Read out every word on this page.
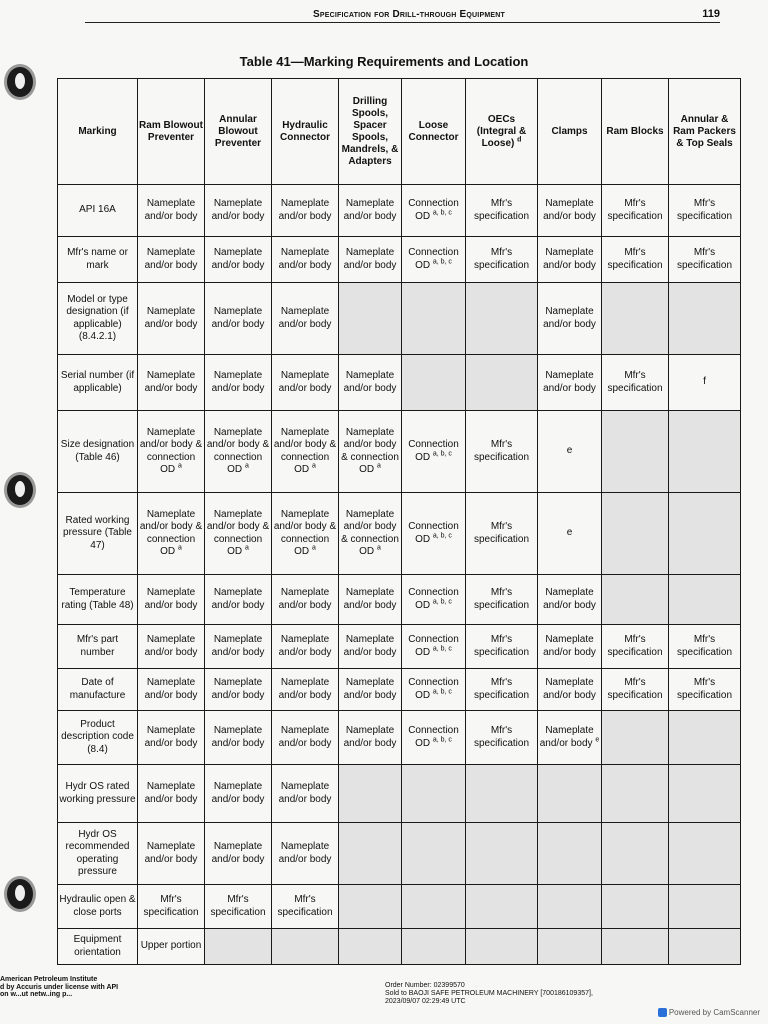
Specification for Drill-through Equipment	119
Table 41—Marking Requirements and Location
Marking	Ram Blowout Preventer	Annular Blowout Preventer	Hydraulic Connector	Drilling Spools, Spacer Spools, Mandrels, & Adapters	Loose Connector	OECs (Integral & Loose) $^d$	Clamps	Ram Blocks	Annular & Ram Packers & Top Seals
API 16A	Nameplate and/or body	Nameplate and/or body	Nameplate and/or body	Nameplate and/or body	Connection OD $^{a, b, c}$	Mfr's specification	Nameplate and/or body	Mfr's specification	Mfr's specification
Mfr's name or mark	Nameplate and/or body	Nameplate and/or body	Nameplate and/or body	Nameplate and/or body	Connection OD $^{a, b, c}$	Mfr's specification	Nameplate and/or body	Mfr's specification	Mfr's specification
Model or type designation (if applicable) (8.4.2.1)	Nameplate and/or body	Nameplate and/or body	Nameplate and/or body				Nameplate and/or body		
Serial number (if applicable)	Nameplate and/or body	Nameplate and/or body	Nameplate and/or body	Nameplate and/or body			Nameplate and/or body	Mfr's specification	f
Size designation (Table 46)	Nameplate and/or body & connection OD $^a$	Nameplate and/or body & connection OD $^a$	Nameplate and/or body & connection OD $^a$	Nameplate and/or body & connection OD $^a$	Connection OD $^{a, b, c}$	Mfr's specification	e		
Rated working pressure (Table 47)	Nameplate and/or body & connection OD $^a$	Nameplate and/or body & connection OD $^a$	Nameplate and/or body & connection OD $^a$	Nameplate and/or body & connection OD $^a$	Connection OD $^{a, b, c}$	Mfr's specification	e		
Temperature rating (Table 48)	Nameplate and/or body	Nameplate and/or body	Nameplate and/or body	Nameplate and/or body	Connection OD $^{a, b, c}$	Mfr's specification	Nameplate and/or body		
Mfr's part number	Nameplate and/or body	Nameplate and/or body	Nameplate and/or body	Nameplate and/or body	Connection OD $^{a, b, c}$	Mfr's specification	Nameplate and/or body	Mfr's specification	Mfr's specification
Date of manufacture	Nameplate and/or body	Nameplate and/or body	Nameplate and/or body	Nameplate and/or body	Connection OD $^{a, b, c}$	Mfr's specification	Nameplate and/or body	Mfr's specification	Mfr's specification
Product description code (8.4)	Nameplate and/or body	Nameplate and/or body	Nameplate and/or body	Nameplate and/or body	Connection OD $^{a, b, c}$	Mfr's specification	Nameplate and/or body $^e$		
Hydr OS rated working pressure	Nameplate and/or body	Nameplate and/or body	Nameplate and/or body						
Hydr OS recommended operating pressure	Nameplate and/or body	Nameplate and/or body	Nameplate and/or body						
Hydraulic open & close ports	Mfr's specification	Mfr's specification	Mfr's specification						
Equipment orientation	Upper portion								
American Petroleum Institute
d by Accuris under license with API
on w...ut netw..ing p...
Order Number: 02399570
Sold to BAOJI SAFE PETROLEUM MACHINERY [700186109357],
2023/09/07 02:29:49 UTC
Powered by CamScanner
